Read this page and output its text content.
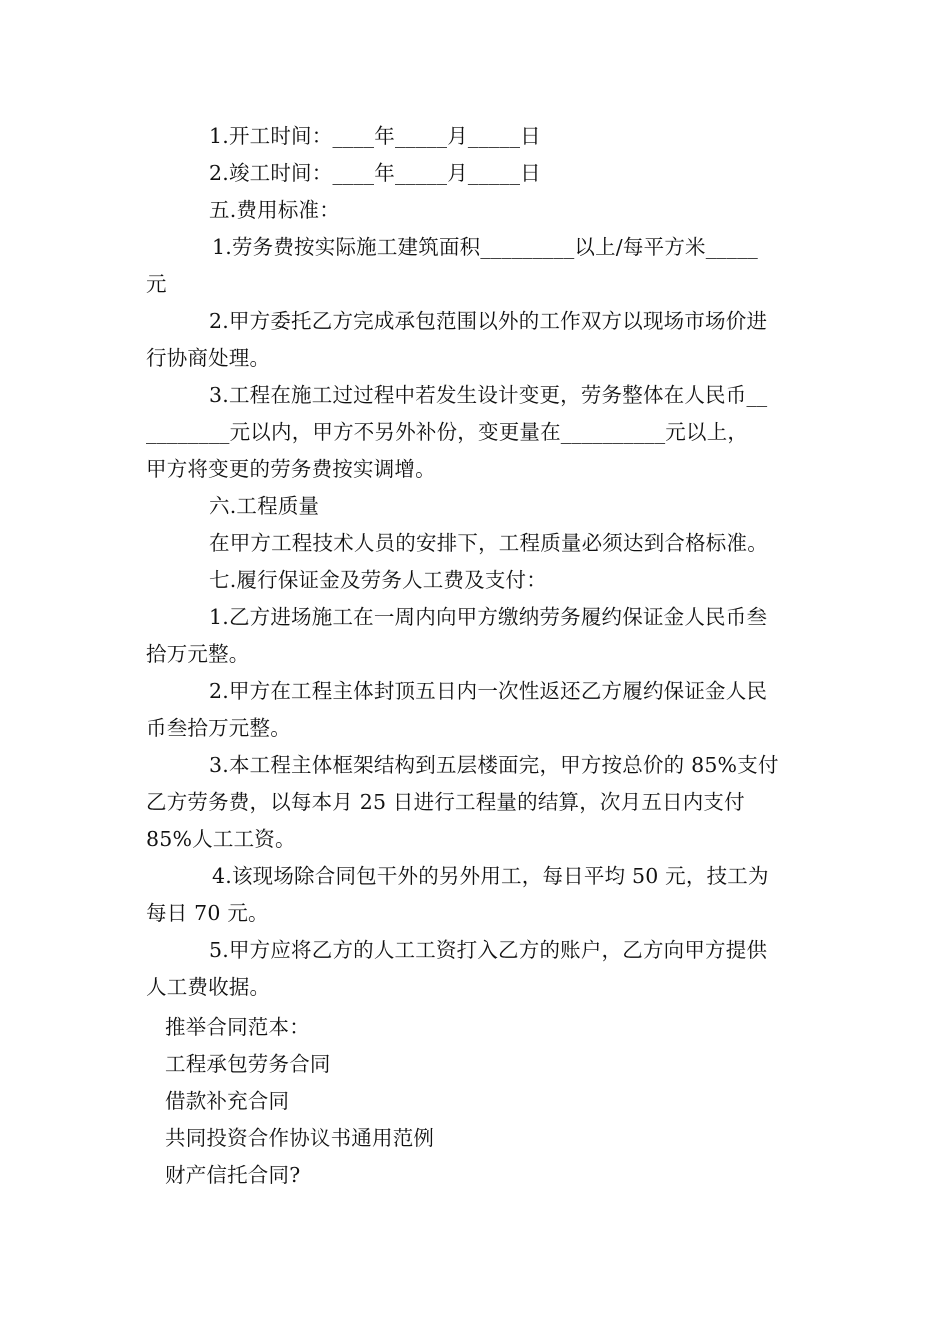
1.开工时间：____年_____月_____日
2.竣工时间：____年_____月_____日
五.费用标准：
1.劳务费按实际施工建筑面积_________以上/每平方米_____
元
2.甲方委托乙方完成承包范围以外的工作双方以现场市场价进
行协商处理。
3.工程在施工过过程中若发生设计变更，劳务整体在人民币__
________元以内，甲方不另外补份，变更量在__________元以上，
甲方将变更的劳务费按实调增。
六.工程质量
在甲方工程技术人员的安排下，工程质量必须达到合格标准。
七.履行保证金及劳务人工费及支付：
1.乙方进场施工在一周内向甲方缴纳劳务履约保证金人民币叁
拾万元整。
2.甲方在工程主体封顶五日内一次性返还乙方履约保证金人民
币叁拾万元整。
3.本工程主体框架结构到五层楼面完，甲方按总价的 85%支付
乙方劳务费，以每本月 25 日进行工程量的结算，次月五日内支付
85%人工工资。
4.该现场除合同包干外的另外用工，每日平均 50 元，技工为
每日 70 元。
5.甲方应将乙方的人工工资打入乙方的账户，乙方向甲方提供
人工费收据。
推举合同范本：
工程承包劳务合同
借款补充合同
共同投资合作协议书通用范例
财产信托合同?
